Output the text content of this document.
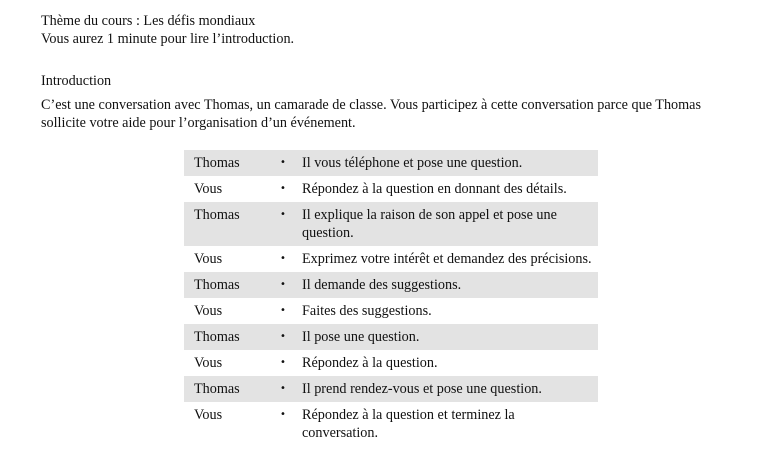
Thème du cours : Les défis mondiaux
Vous aurez 1 minute pour lire l’introduction.
Introduction
C’est une conversation avec Thomas, un camarade de classe. Vous participez à cette conversation parce que Thomas sollicite votre aide pour l’organisation d’un événement.
Thomas	•	Il vous téléphone et pose une question.
Vous	•	Répondez à la question en donnant des détails.
Thomas	•	Il explique la raison de son appel et pose une question.
Vous	•	Exprimez votre intérêt et demandez des précisions.
Thomas	•	Il demande des suggestions.
Vous	•	Faites des suggestions.
Thomas	•	Il pose une question.
Vous	•	Répondez à la question.
Thomas	•	Il prend rendez-vous et pose une question.
Vous	•	Répondez à la question et terminez la conversation.
